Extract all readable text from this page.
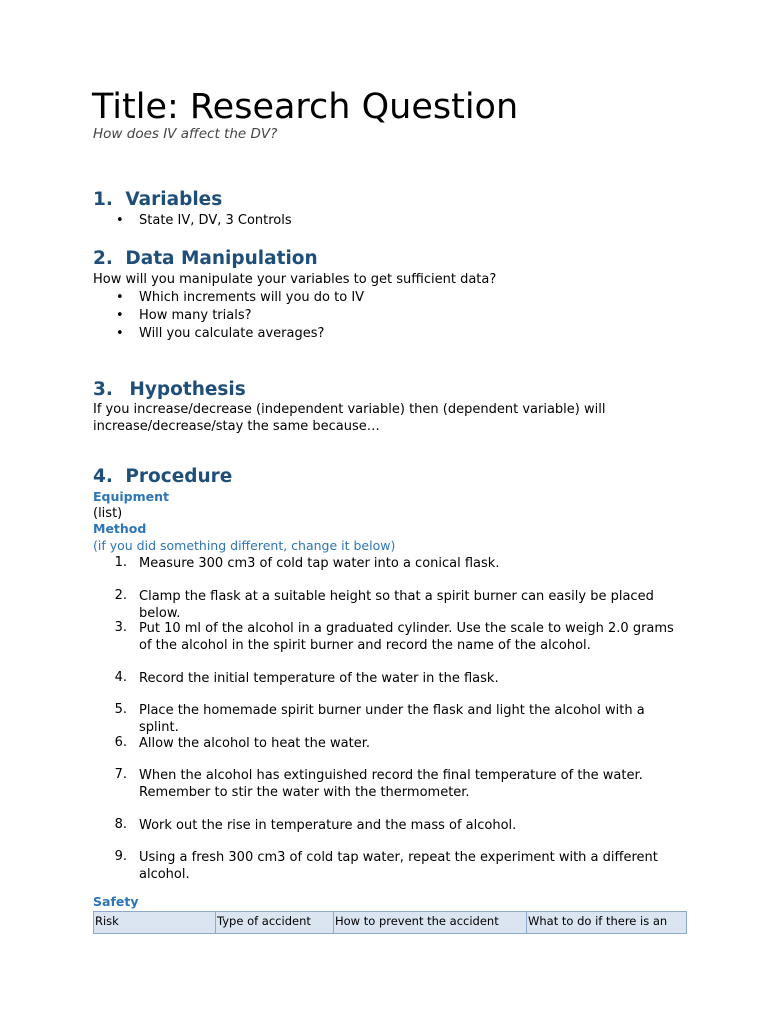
Title: Research Question
How does IV affect the DV?
1. Variables
• State IV, DV, 3 Controls
2. Data Manipulation
How will you manipulate your variables to get sufficient data?
• Which increments will you do to IV
• How many trials?
• Will you calculate averages?
3. Hypothesis
If you increase/decrease (independent variable) then (dependent variable) will
increase/decrease/stay the same because…
4. Procedure
Equipment
(list)
Method
(if you did something different, change it below)
1. Measure 300 cm3 of cold tap water into a conical flask.
2. Clamp the flask at a suitable height so that a spirit burner can easily be placed below.
3. Put 10 ml of the alcohol in a graduated cylinder. Use the scale to weigh 2.0 grams of the alcohol in the spirit burner and record the name of the alcohol.
4. Record the initial temperature of the water in the flask.
5. Place the homemade spirit burner under the flask and light the alcohol with a splint.
6. Allow the alcohol to heat the water.
7. When the alcohol has extinguished record the final temperature of the water. Remember to stir the water with the thermometer.
8. Work out the rise in temperature and the mass of alcohol.
9. Using a fresh 300 cm3 of cold tap water, repeat the experiment with a different alcohol.
Safety
Risk	Type of accident	How to prevent the accident	What to do if there is an
